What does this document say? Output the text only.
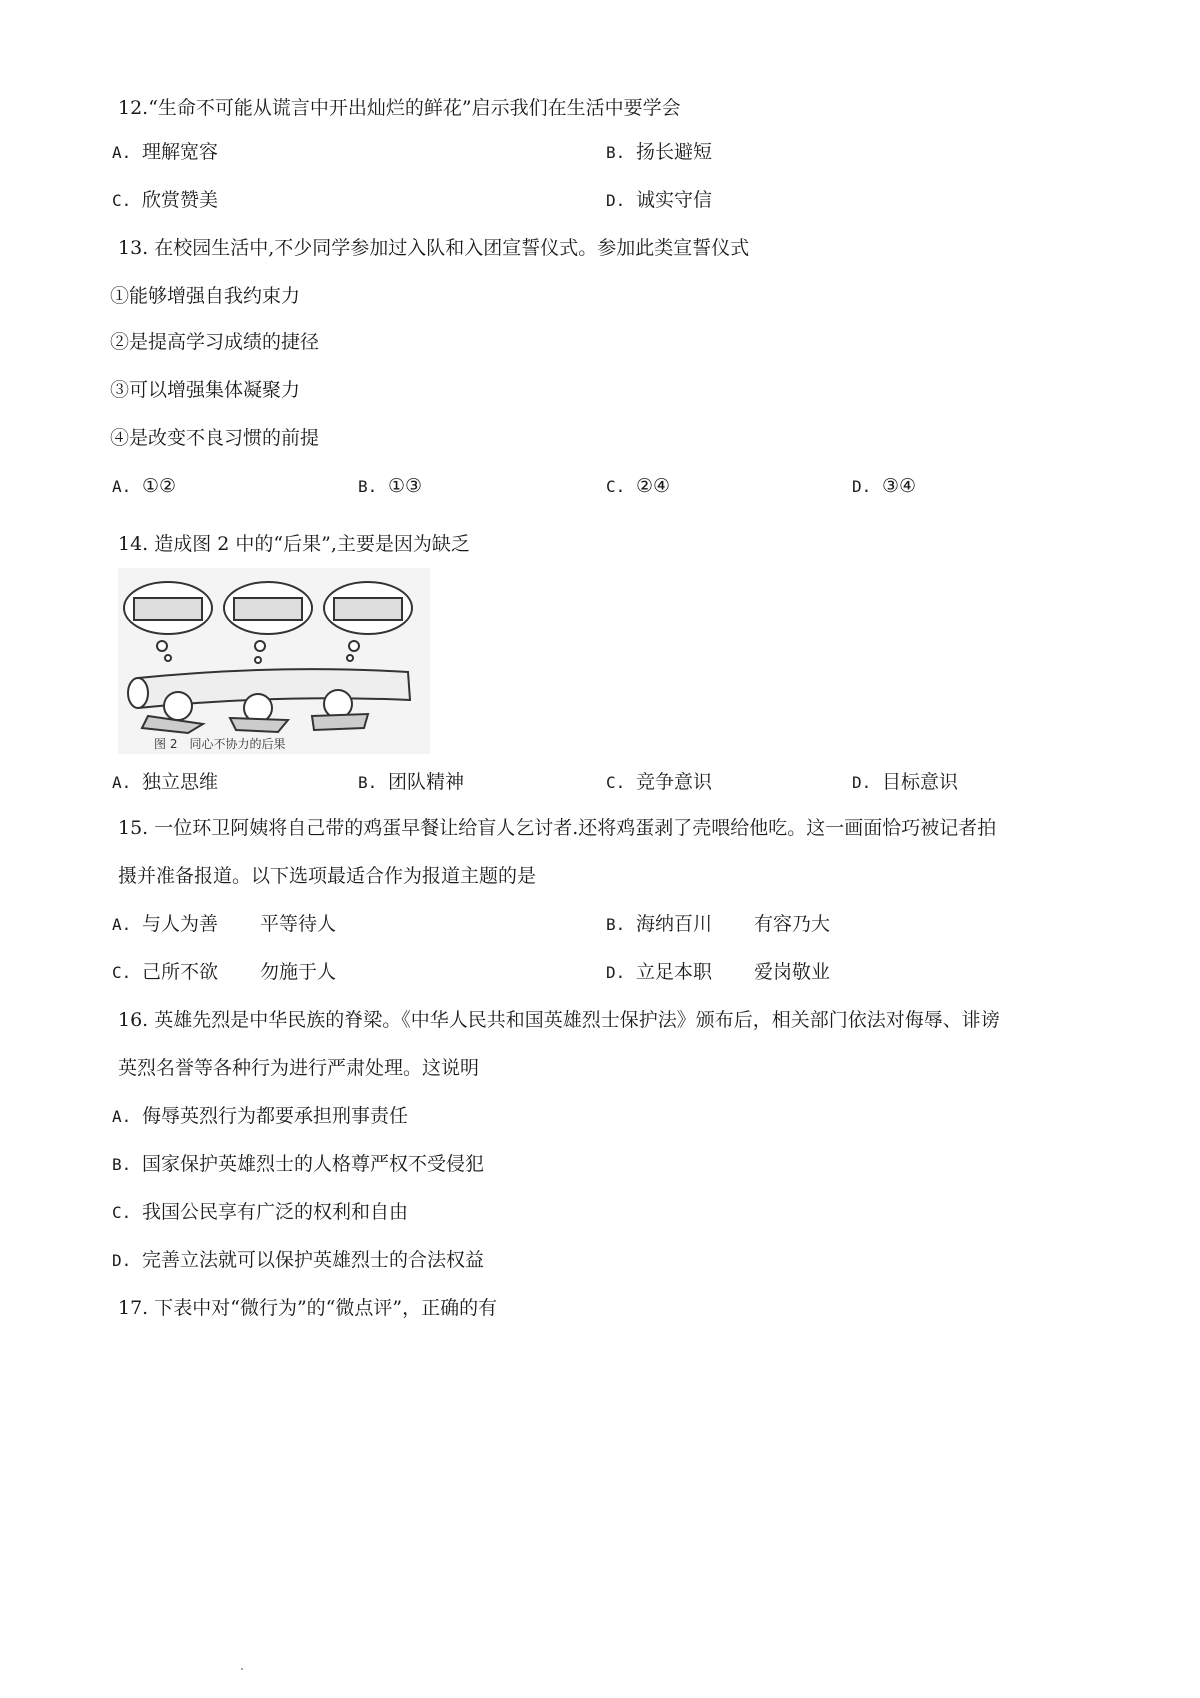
12.“生命不可能从谎言中开出灿烂的鲜花”启示我们在生活中要学会
A. 理解宽容	B. 扬长避短
C. 欣赏赞美	D. 诚实守信
13. 在校园生活中,不少同学参加过入队和入团宣誓仪式。参加此类宣誓仪式
①能够增强自我约束力
②是提高学习成绩的捷径
③可以增强集体凝聚力
④是改变不良习惯的前提
A. ①②	B. ①③	C. ②④	D. ③④
14. 造成图 2 中的“后果”,主要是因为缺乏
图 2　同心不协力的后果
A. 独立思维	B. 团队精神	C. 竞争意识	D. 目标意识
15. 一位环卫阿姨将自己带的鸡蛋早餐让给盲人乞讨者.还将鸡蛋剥了壳喂给他吃。这一画面恰巧被记者拍
摄并准备报道。以下选项最适合作为报道主题的是
A. 与人为善 平等待人	B. 海纳百川 有容乃大
C. 己所不欲 勿施于人	D. 立足本职 爱岗敬业
16. 英雄先烈是中华民族的脊梁。《中华人民共和国英雄烈士保护法》颁布后，相关部门依法对侮辱、诽谤
英烈名誉等各种行为进行严肃处理。这说明
A. 侮辱英烈行为都要承担刑事责任
B. 国家保护英雄烈士的人格尊严权不受侵犯
C. 我国公民享有广泛的权利和自由
D. 完善立法就可以保护英雄烈士的合法权益
17. 下表中对“微行为”的“微点评”，正确的有
